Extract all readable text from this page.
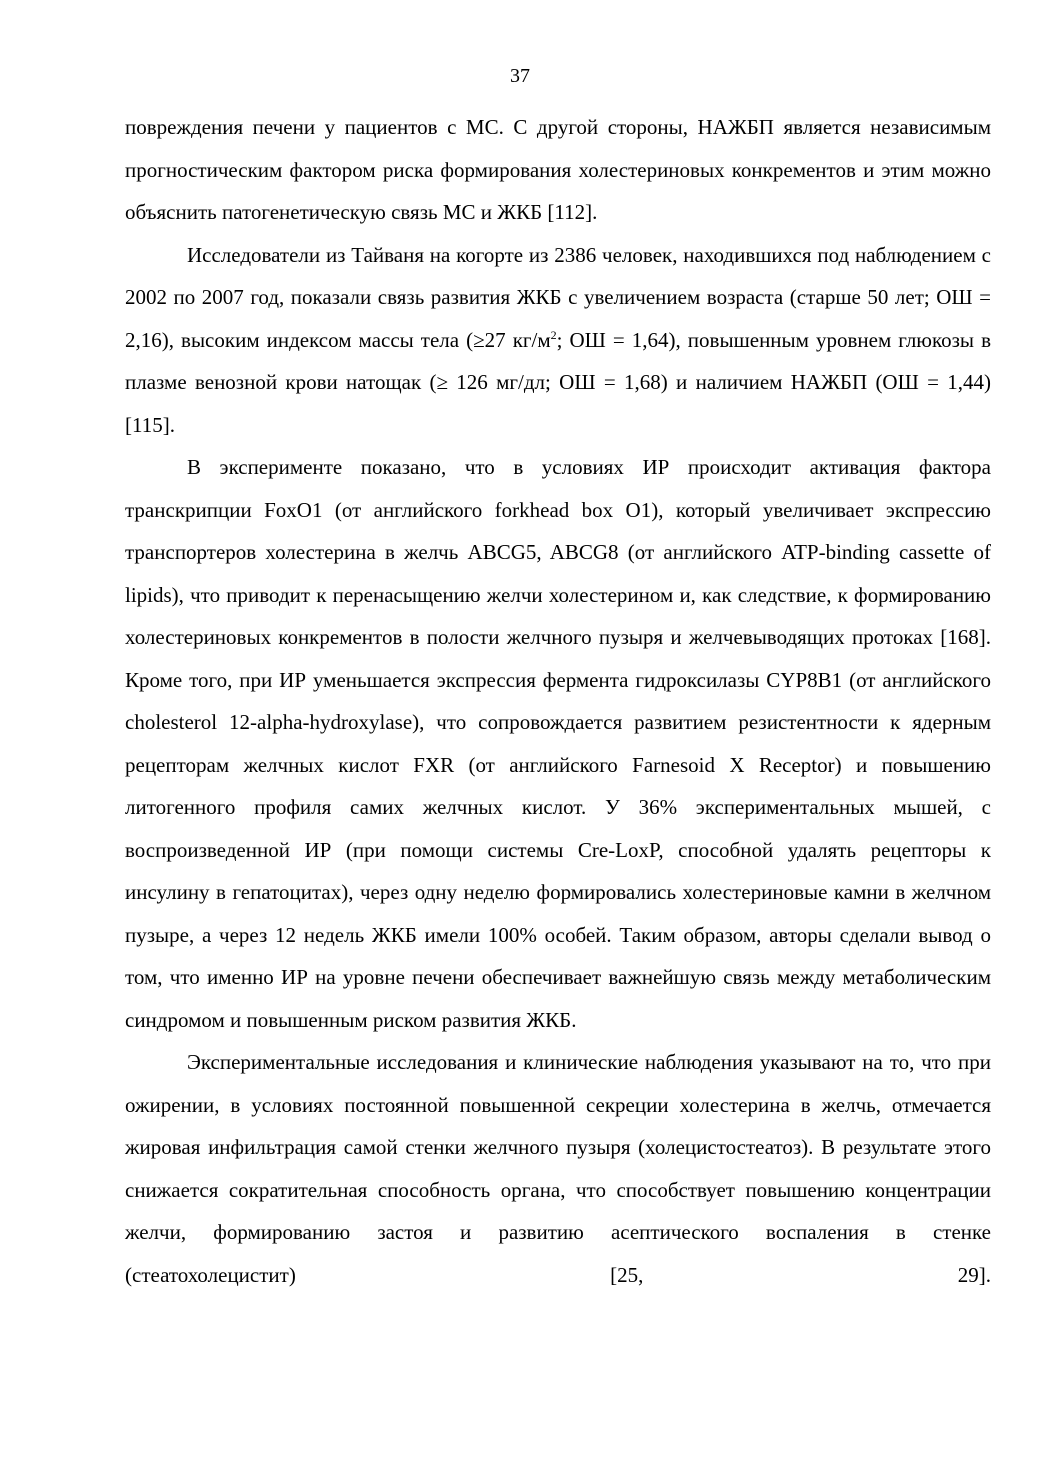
37

повреждения печени у пациентов с МС. С другой стороны, НАЖБП является независимым прогностическим фактором риска формирования холестериновых конкрементов и этим можно объяснить патогенетическую связь МС и ЖКБ [112].

Исследователи из Тайваня на когорте из 2386 человек, находившихся под наблюдением с 2002 по 2007 год, показали связь развития ЖКБ с увеличением возраста (старше 50 лет; ОШ = 2,16), высоким индексом массы тела (≥27 $кг/м^2$; ОШ = 1,64), повышенным уровнем глюкозы в плазме венозной крови натощак (≥ 126 мг/дл; ОШ = 1,68) и наличием НАЖБП (ОШ = 1,44) [115].

В эксперименте показано, что в условиях ИР происходит активация фактора транскрипции FoxO1 (от английского forkhead box O1), который увеличивает экспрессию транспортеров холестерина в желчь ABCG5, ABCG8 (от английского ATP-binding cassette of lipids), что приводит к перенасыщению желчи холестерином и, как следствие, к формированию холестериновых конкрементов в полости желчного пузыря и желчевыводящих протоках [168]. Кроме того, при ИР уменьшается экспрессия фермента гидроксилазы CYP8B1 (от английского cholesterol 12-alpha-hydroxylase), что сопровождается развитием резистентности к ядерным рецепторам желчных кислот FXR (от английского Farnesoid X Receptor) и повышению литогенного профиля самих желчных кислот. У 36% экспериментальных мышей, с воспроизведенной ИР (при помощи системы Cre-LoxP, способной удалять рецепторы к инсулину в гепатоцитах), через одну неделю формировались холестериновые камни в желчном пузыре, а через 12 недель ЖКБ имели 100% особей. Таким образом, авторы сделали вывод о том, что именно ИР на уровне печени обеспечивает важнейшую связь между метаболическим синдромом и повышенным риском развития ЖКБ.

Экспериментальные исследования и клинические наблюдения указывают на то, что при ожирении, в условиях постоянной повышенной секреции холестерина в желчь, отмечается жировая инфильтрация самой стенки желчного пузыря (холецистостеатоз). В результате этого снижается сократительная способность органа, что способствует повышению концентрации желчи, формированию застоя и развитию асептического воспаления в стенке (стеатохолецистит) [25, 29].
